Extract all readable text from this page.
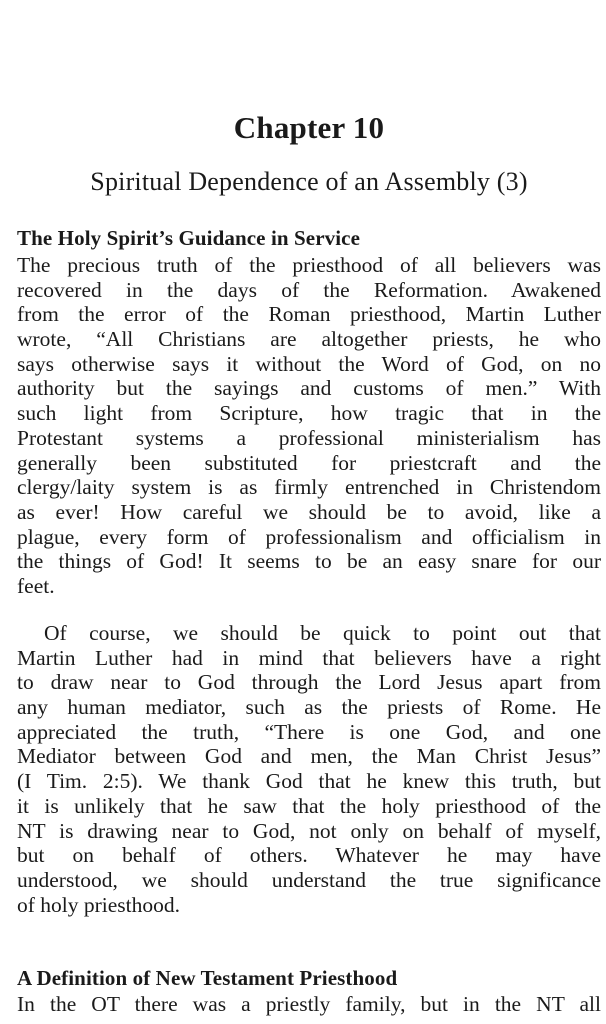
Chapter 10
Spiritual Dependence of an Assembly (3)
The Holy Spirit’s Guidance in Service
The precious truth of the priesthood of all believers was
recovered in the days of the Reformation. Awakened
from the error of the Roman priesthood, Martin Luther
wrote, “All Christians are altogether priests, he who
says otherwise says it without the Word of God, on no
authority but the sayings and customs of men.” With
such light from Scripture, how tragic that in the
Protestant systems a professional ministerialism has
generally been substituted for priestcraft and the
clergy/laity system is as firmly entrenched in Christendom
as ever! How careful we should be to avoid, like a
plague, every form of professionalism and officialism in
the things of God! It seems to be an easy snare for our
feet.
Of course, we should be quick to point out that
Martin Luther had in mind that believers have a right
to draw near to God through the Lord Jesus apart from
any human mediator, such as the priests of Rome. He
appreciated the truth, “There is one God, and one
Mediator between God and men, the Man Christ Jesus”
(I Tim. 2:5). We thank God that he knew this truth, but
it is unlikely that he saw that the holy priesthood of the
NT is drawing near to God, not only on behalf of myself,
but on behalf of others. Whatever he may have
understood, we should understand the true significance
of holy priesthood.
A Definition of New Testament Priesthood
In the OT there was a priestly family, but in the NT all
